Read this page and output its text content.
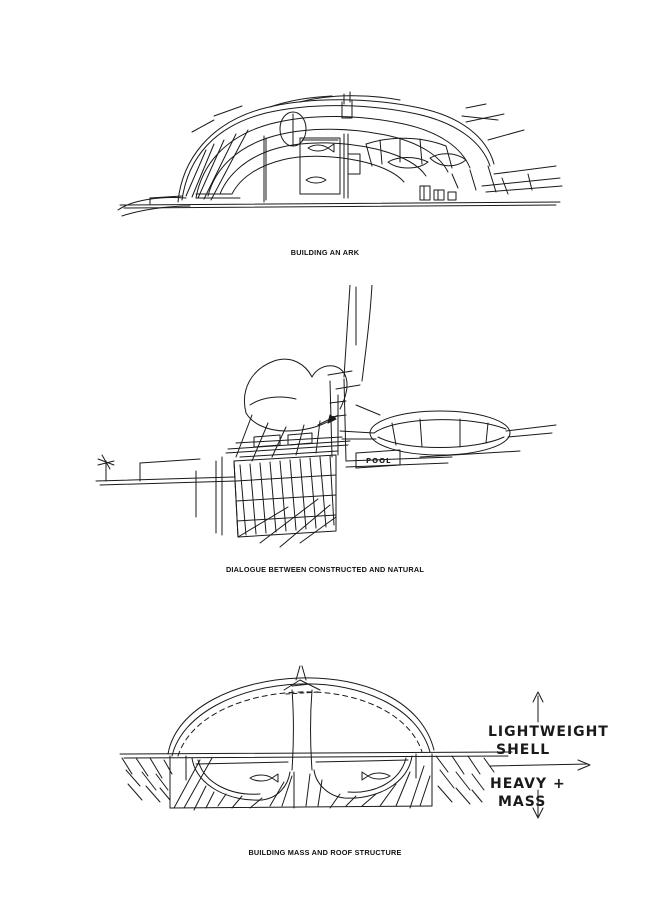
BUILDING AN ARK
POOL
DIALOGUE BETWEEN CONSTRUCTED AND NATURAL
LIGHTWEIGHT
SHELL
HEAVY +
MASS
BUILDING MASS AND ROOF STRUCTURE
